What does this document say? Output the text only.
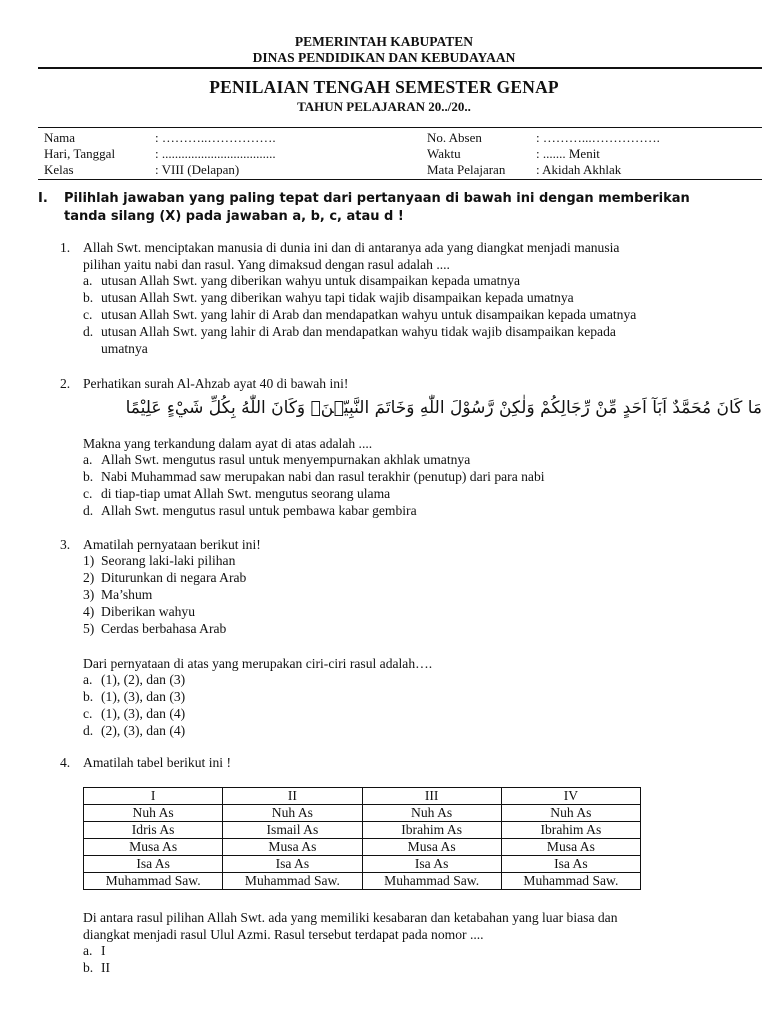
PEMERINTAH KABUPATEN
DINAS PENDIDIKAN DAN KEBUDAYAAN
PENILAIAN TENGAH SEMESTER GENAP
TAHUN PELAJARAN 20../20..
Nama	: ………..…………….
Hari, Tanggal	: ...................................
Kelas	: VIII (Delapan)
No. Absen	: ………...…………….
Waktu	: ....... Menit
Mata Pelajaran : Akidah Akhlak
I. Pilihlah jawaban yang paling tepat dari pertanyaan di bawah ini dengan memberikan tanda silang (X) pada jawaban a, b, c, atau d !
1. Allah Swt. menciptakan manusia di dunia ini dan di antaranya ada yang diangkat menjadi manusia
pilihan yaitu nabi dan rasul. Yang dimaksud dengan rasul adalah ....
a. utusan Allah Swt. yang diberikan wahyu untuk disampaikan kepada umatnya
b. utusan Allah Swt. yang diberikan wahyu tapi tidak wajib disampaikan kepada umatnya
c. utusan Allah Swt. yang lahir di Arab dan mendapatkan wahyu untuk disampaikan kepada umatnya
d. utusan Allah Swt. yang lahir di Arab dan mendapatkan wahyu tidak wajib disampaikan kepada
umatnya
2. Perhatikan surah Al-Ahzab ayat 40 di bawah ini!
مَا كَانَ مُحَمَّدٌ اَبَآ اَحَدٍ مِّنْ رِّجَالِكُمْ وَلٰكِنْ رَّسُوْلَ اللّٰهِ وَخَاتَمَ النَّبِيّٖنَۗ وَكَانَ اللّٰهُ بِكُلِّ شَيْءٍ عَلِيْمًا
Makna yang terkandung dalam ayat di atas adalah ....
a. Allah Swt. mengutus rasul untuk menyempurnakan akhlak umatnya
b. Nabi Muhammad saw merupakan nabi dan rasul terakhir (penutup) dari para nabi
c. di tiap-tiap umat Allah Swt. mengutus seorang ulama
d. Allah Swt. mengutus rasul untuk pembawa kabar gembira
3. Amatilah pernyataan berikut ini!
1) Seorang laki-laki pilihan
2) Diturunkan di negara Arab
3) Ma’shum
4) Diberikan wahyu
5) Cerdas berbahasa Arab
Dari pernyataan di atas yang merupakan ciri-ciri rasul adalah….
a. (1), (2), dan (3)
b. (1), (3), dan (3)
c. (1), (3), dan (4)
d. (2), (3), dan (4)
4. Amatilah tabel berikut ini !
I	II	III	IV
Nuh As	Nuh As	Nuh As	Nuh As
Idris As	Ismail As	Ibrahim As	Ibrahim As
Musa As	Musa As	Musa As	Musa As
Isa As	Isa As	Isa As	Isa As
Muhammad Saw.	Muhammad Saw.	Muhammad Saw.	Muhammad Saw.
Di antara rasul pilihan Allah Swt. ada yang memiliki kesabaran dan ketabahan yang luar biasa dan
diangkat menjadi rasul Ulul Azmi. Rasul tersebut terdapat pada nomor ....
a. I
b. II
